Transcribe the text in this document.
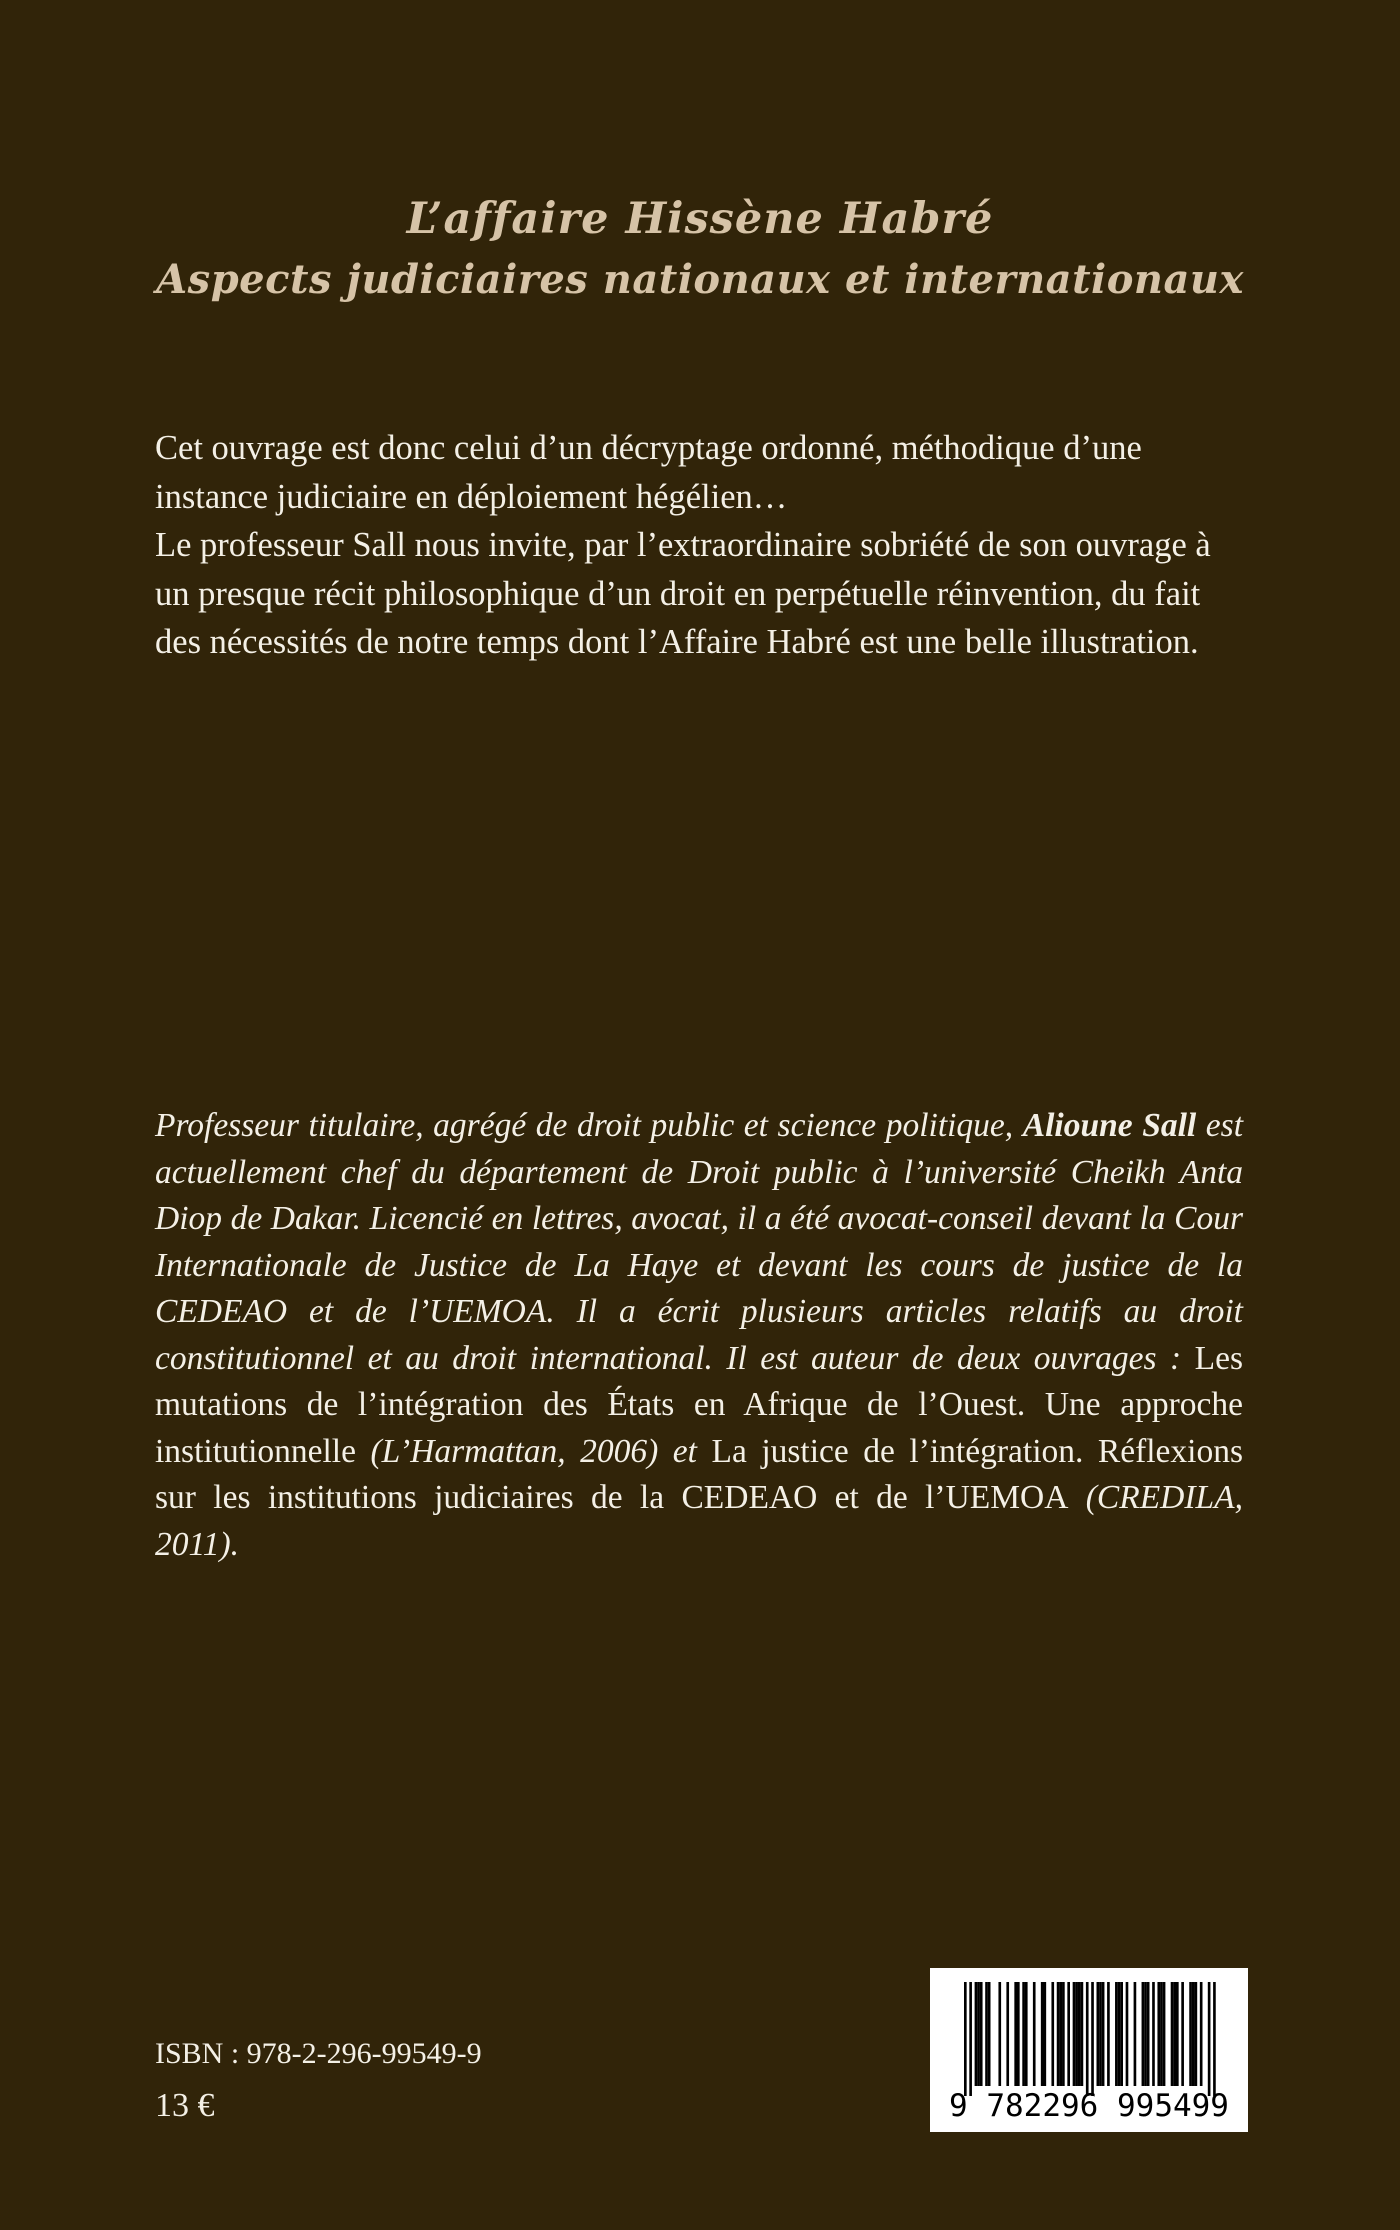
L’affaire Hissène Habré
Aspects judiciaires nationaux et internationaux

Cet ouvrage est donc celui d’un décryptage ordonné, méthodique d’une instance judiciaire en déploiement hégélien…

Le professeur Sall nous invite, par l’extraordinaire sobriété de son ouvrage à un presque récit philosophique d’un droit en perpétuelle réinvention, du fait des nécessités de notre temps dont l’Affaire Habré est une belle illustration.

Professeur titulaire, agrégé de droit public et science politique, Alioune Sall est actuellement chef du département de Droit public à l’université Cheikh Anta Diop de Dakar. Licencié en lettres, avocat, il a été avocat-conseil devant la Cour Internationale de Justice de La Haye et devant les cours de justice de la CEDEAO et de l’UEMOA. Il a écrit plusieurs articles relatifs au droit constitutionnel et au droit international. Il est auteur de deux ouvrages : Les mutations de l’intégration des États en Afrique de l’Ouest. Une approche institutionnelle (L’Harmattan, 2006) et La justice de l’intégration. Réflexions sur les institutions judiciaires de la CEDEAO et de l’UEMOA (CREDILA, 2011).
ISBN : 978-2-296-99549-9
13 €	9 782296 995499
